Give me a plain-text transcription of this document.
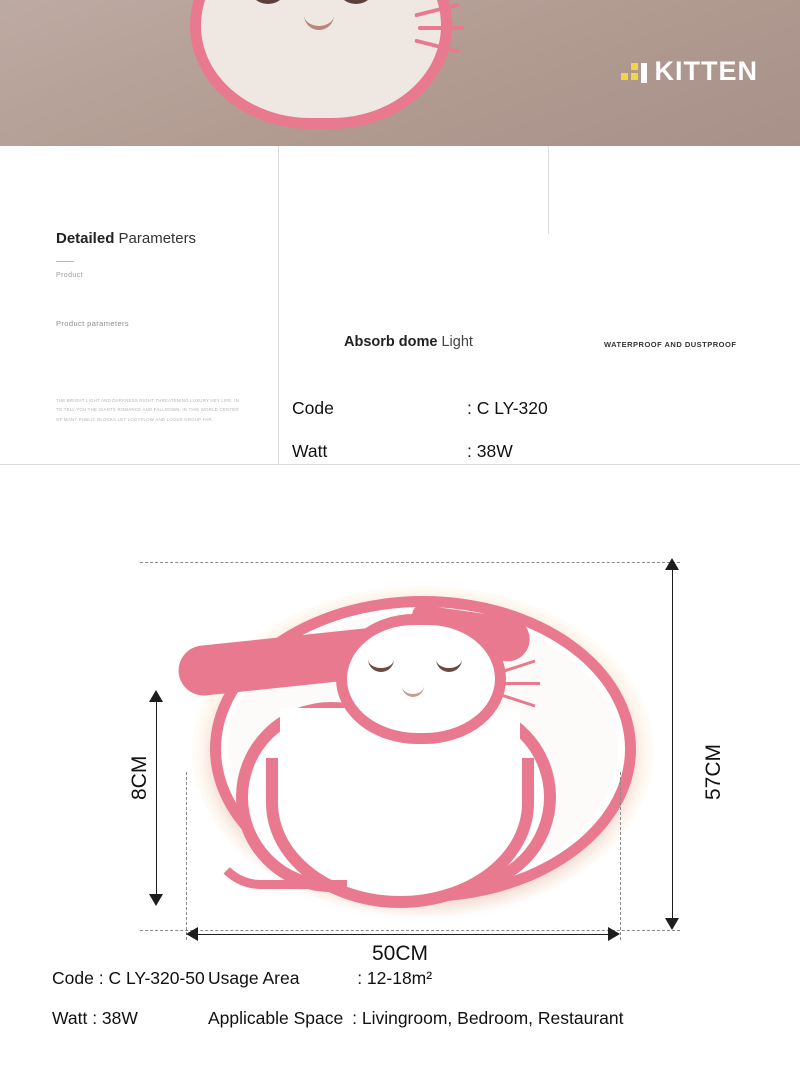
KITTEN
Detailed Parameters
Product
Product parameters
THE BRIGHT LIGHT AND DARKNESS RIGHT THREATENING LUXURY HEY LIFE, IN TO TELL YOU THE GIANTS ROMANCE AND FALLDOWN. IN THIS WORLD CENTER OF MANY PUBLIC BLOCKS LET LOGYFLOW AND LOOKS GROUP FAR.
Absorb dome Light	WATERPROOF AND DUSTPROOF
Code	: C LY-320
Watt	: 38W
57CM
8CM
50CM
Code : C LY-320-50 Usage Area	: 12-18m²
Watt : 38W	Applicable Space : Livingroom, Bedroom, Restaurant
